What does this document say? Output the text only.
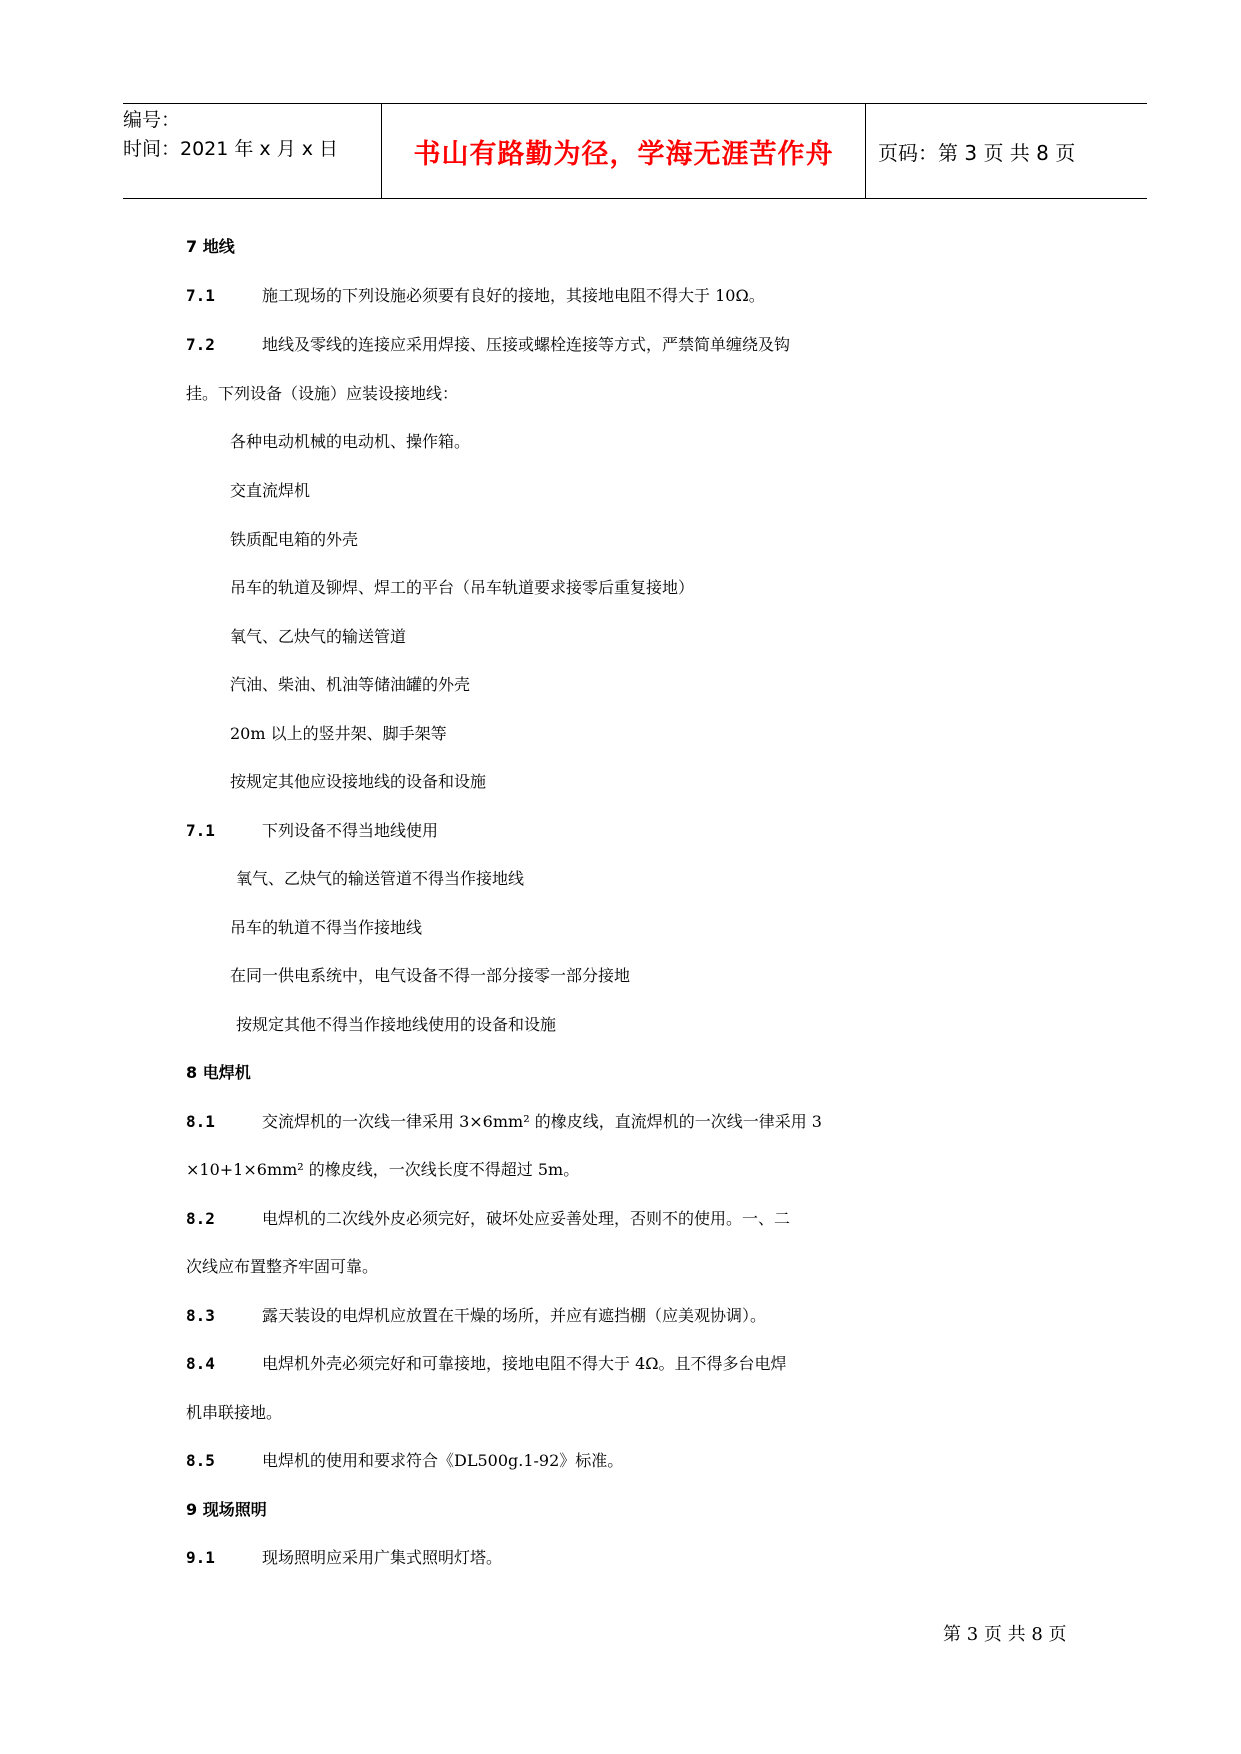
编号：
时间：2021 年 x 月 x 日	书山有路勤为径，学海无涯苦作舟	页码：第 3 页 共 8 页
7 地线
7.1	施工现场的下列设施必须要有良好的接地，其接地电阻不得大于 10Ω。
7.2	地线及零线的连接应采用焊接、压接或螺栓连接等方式，严禁简单缠绕及钩
挂。下列设备（设施）应装设接地线：
各种电动机械的电动机、操作箱。
交直流焊机
铁质配电箱的外壳
吊车的轨道及铆焊、焊工的平台（吊车轨道要求接零后重复接地）
氧气、乙炔气的输送管道
汽油、柴油、机油等储油罐的外壳
20m 以上的竖井架、脚手架等
按规定其他应设接地线的设备和设施
7.1	下列设备不得当地线使用
氧气、乙炔气的输送管道不得当作接地线
吊车的轨道不得当作接地线
在同一供电系统中，电气设备不得一部分接零一部分接地
按规定其他不得当作接地线使用的设备和设施
8 电焊机
8.1	交流焊机的一次线一律采用 3×6mm² 的橡皮线，直流焊机的一次线一律采用 3
×10+1×6mm² 的橡皮线，一次线长度不得超过 5m。
8.2	电焊机的二次线外皮必须完好，破坏处应妥善处理，否则不的使用。一、二
次线应布置整齐牢固可靠。
8.3	露天装设的电焊机应放置在干燥的场所，并应有遮挡棚（应美观协调）。
8.4	电焊机外壳必须完好和可靠接地，接地电阻不得大于 4Ω。且不得多台电焊
机串联接地。
8.5	电焊机的使用和要求符合《DL500g.1-92》标准。
9 现场照明
9.1	现场照明应采用广集式照明灯塔。
第 3 页 共 8 页
